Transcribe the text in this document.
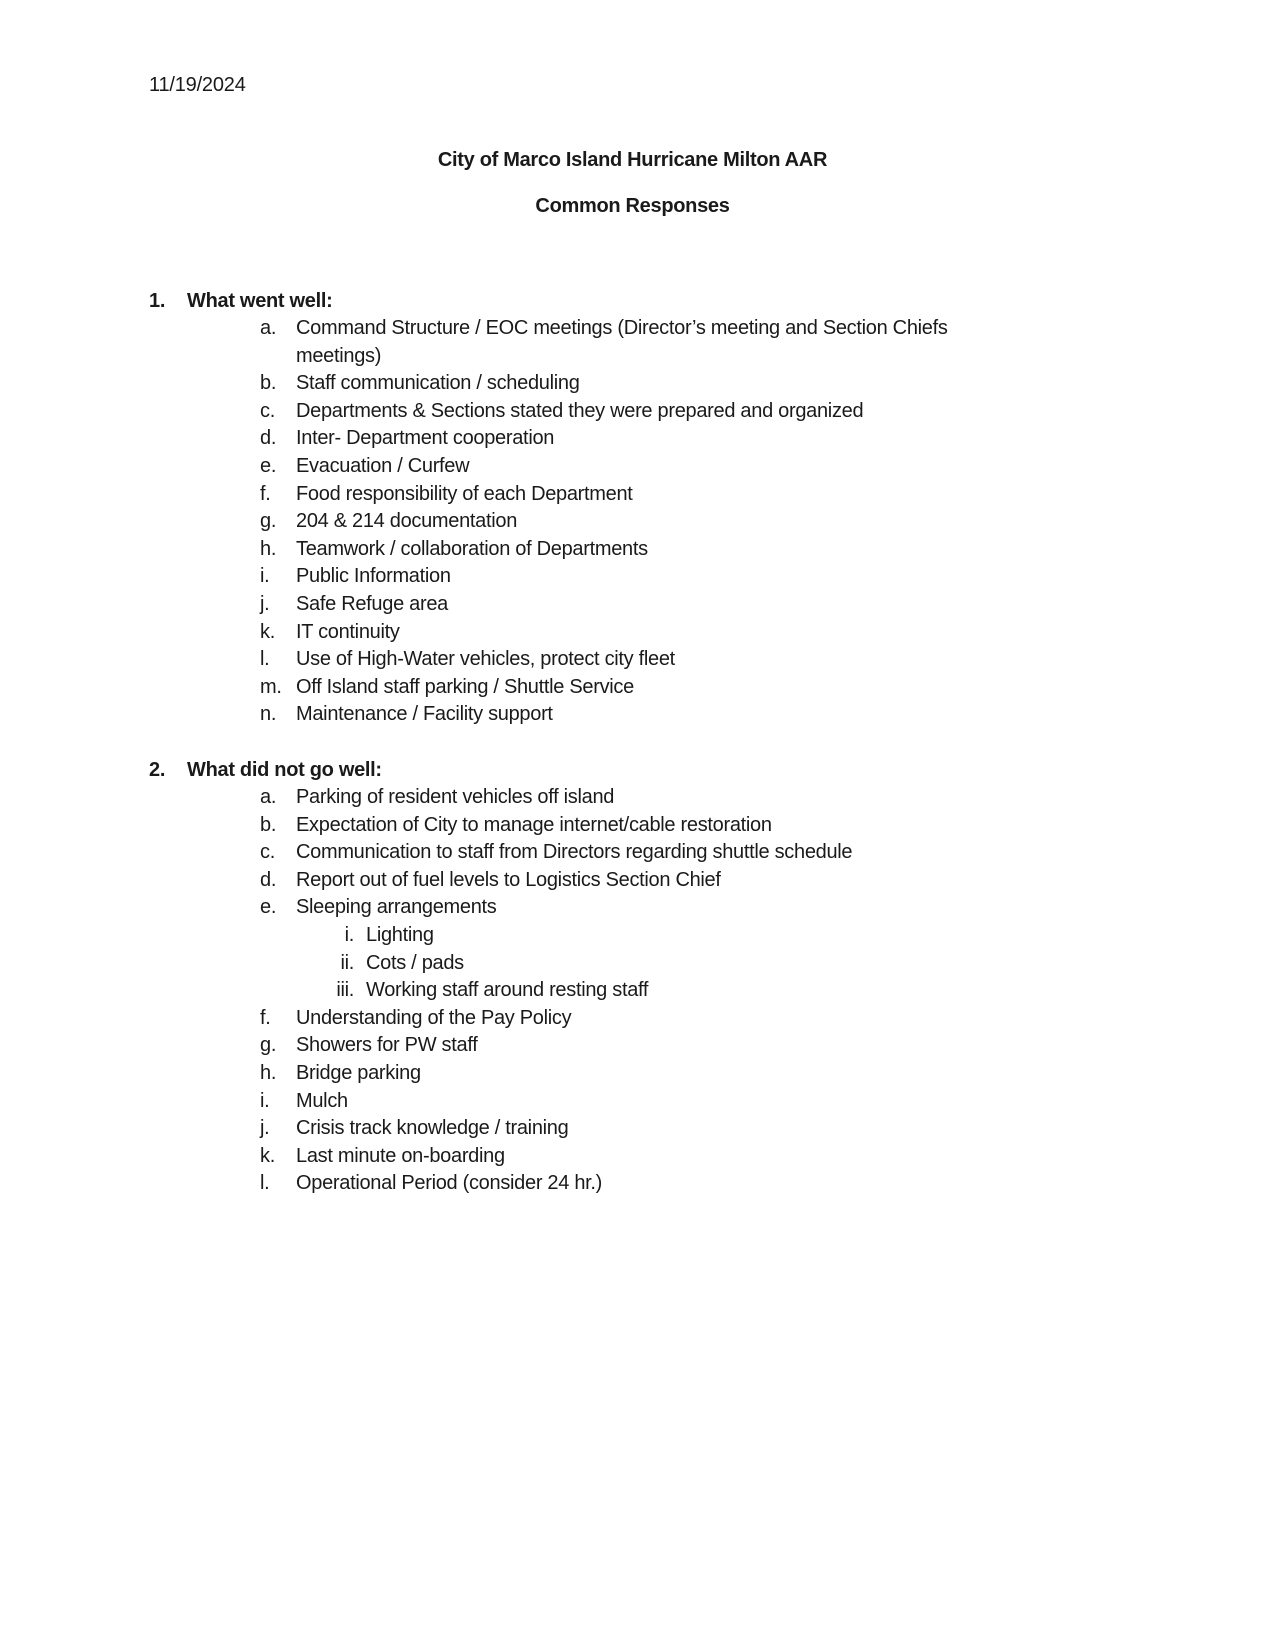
11/19/2024
City of Marco Island Hurricane Milton AAR
Common Responses
1.	What went well:
a. Command Structure / EOC meetings (Director’s meeting and Section Chiefs meetings)
b. Staff communication / scheduling
c.	Departments & Sections stated they were prepared and organized
d. Inter- Department cooperation
e. Evacuation / Curfew
f.	Food responsibility of each Department
g. 204 & 214 documentation
h. Teamwork / collaboration of Departments
i.	Public Information
j.	Safe Refuge area
k.	IT continuity
l.	Use of High-Water vehicles, protect city fleet
m. Off Island staff parking / Shuttle Service
n. Maintenance / Facility support
2.	What did not go well:
a. Parking of resident vehicles off island
b. Expectation of City to manage internet/cable restoration
c.	Communication to staff from Directors regarding shuttle schedule
d. Report out of fuel levels to Logistics Section Chief
e. Sleeping arrangements
i. Lighting
ii. Cots / pads
iii. Working staff around resting staff
f.	Understanding of the Pay Policy
g. Showers for PW staff
h. Bridge parking
i.	Mulch
j.	Crisis track knowledge / training
k.	Last minute on-boarding
l.	Operational Period (consider 24 hr.)
